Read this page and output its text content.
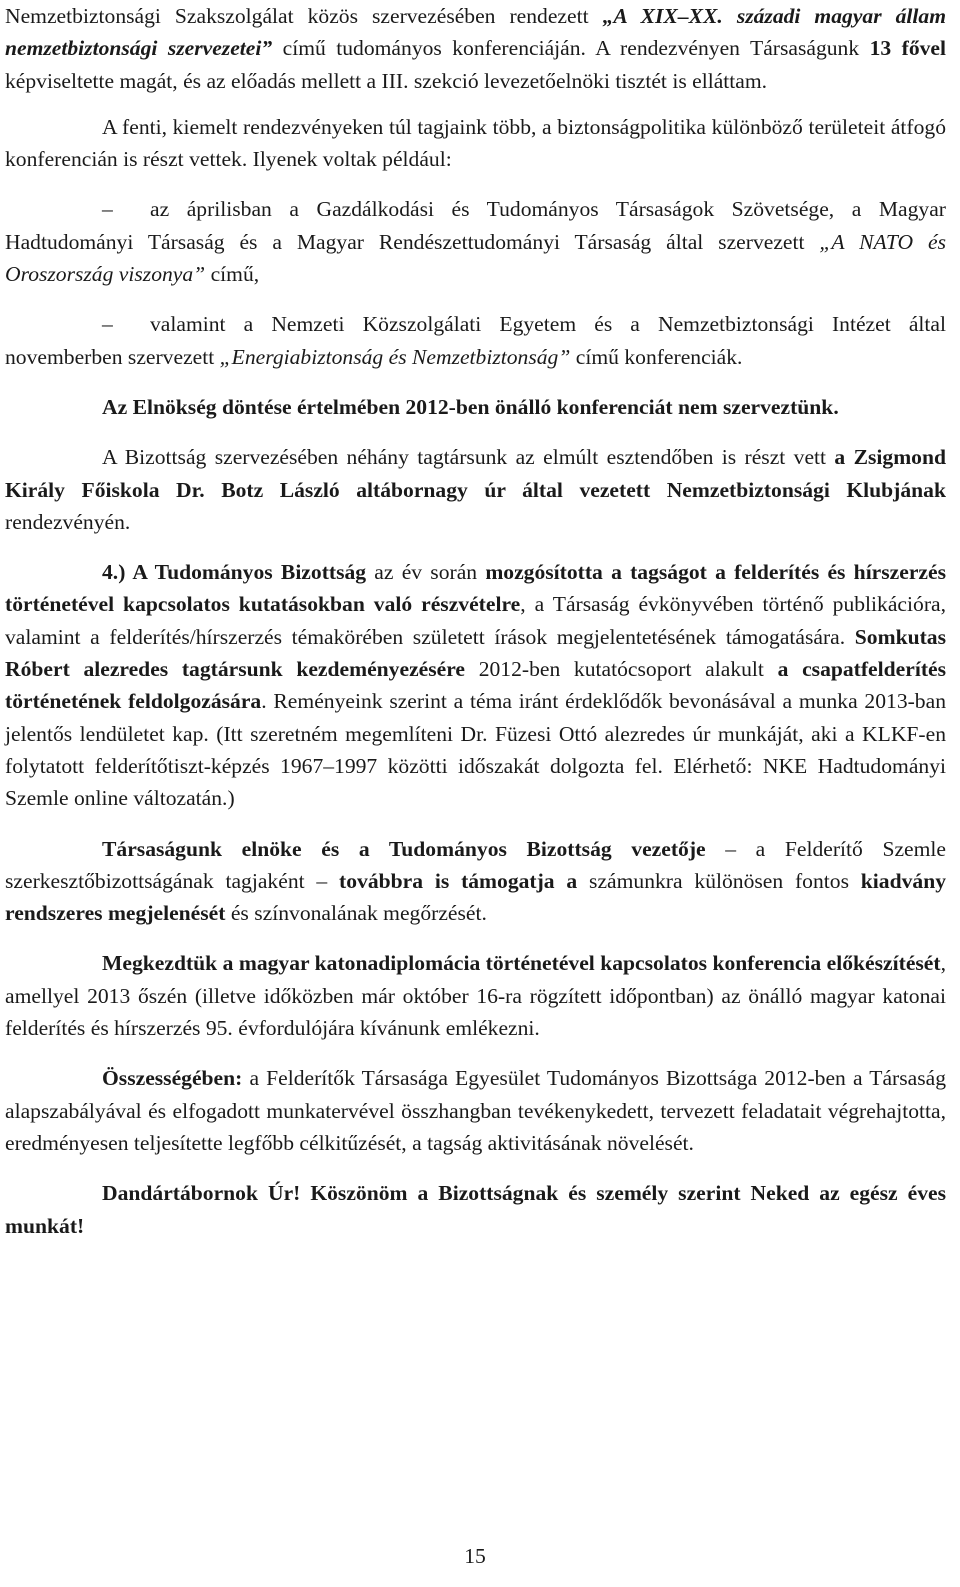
Nemzetbiztonsági Szakszolgálat közös szervezésében rendezett „A XIX–XX. századi magyar állam nemzetbiztonsági szervezetei” című tudományos konferenciáján. A rendezvényen Társaságunk 13 fővel képviseltette magát, és az előadás mellett a III. szekció levezetőelnöki tisztét is elláttam.

A fenti, kiemelt rendezvényeken túl tagjaink több, a biztonságpolitika különböző területeit átfogó konferencián is részt vettek. Ilyenek voltak például:

– az áprilisban a Gazdálkodási és Tudományos Társaságok Szövetsége, a Magyar Hadtudományi Társaság és a Magyar Rendészettudományi Társaság által szervezett „A NATO és Oroszország viszonya” című,

– valamint a Nemzeti Közszolgálati Egyetem és a Nemzetbiztonsági Intézet által novemberben szervezett „Energiabiztonság és Nemzetbiztonság” című konferenciák.

Az Elnökség döntése értelmében 2012-ben önálló konferenciát nem szerveztünk.

A Bizottság szervezésében néhány tagtársunk az elmúlt esztendőben is részt vett a Zsigmond Király Főiskola Dr. Botz László altábornagy úr által vezetett Nemzetbiztonsági Klubjának rendezvényén.

4.) A Tudományos Bizottság az év során mozgósította a tagságot a felderítés és hírszerzés történetével kapcsolatos kutatásokban való részvételre, a Társaság évkönyvében történő publikációra, valamint a felderítés/hírszerzés témakörében született írások megjelentetésének támogatására. Somkutas Róbert alezredes tagtársunk kezdeményezésére 2012-ben kutatócsoport alakult a csapatfelderítés történetének feldolgozására. Reményeink szerint a téma iránt érdeklődők bevonásával a munka 2013-ban jelentős lendületet kap. (Itt szeretném megemlíteni Dr. Füzesi Ottó alezredes úr munkáját, aki a KLKF-en folytatott felderítőtiszt-képzés 1967–1997 közötti időszakát dolgozta fel. Elérhető: NKE Hadtudományi Szemle online változatán.)

Társaságunk elnöke és a Tudományos Bizottság vezetője – a Felderítő Szemle szerkesztőbizottságának tagjaként – továbbra is támogatja a számunkra különösen fontos kiadvány rendszeres megjelenését és színvonalának megőrzését.

Megkezdtük a magyar katonadiplomácia történetével kapcsolatos konferencia előkészítését, amellyel 2013 őszén (illetve időközben már október 16-ra rögzített időpontban) az önálló magyar katonai felderítés és hírszerzés 95. évfordulójára kívánunk emlékezni.

Összességében: a Felderítők Társasága Egyesület Tudományos Bizottsága 2012-ben a Társaság alapszabályával és elfogadott munkatervével összhangban tevékenykedett, tervezett feladatait végrehajtotta, eredményesen teljesítette legfőbb célkitűzését, a tagság aktivitásának növelését.

Dandártábornok Úr! Köszönöm a Bizottságnak és személy szerint Neked az egész éves munkát!

15
